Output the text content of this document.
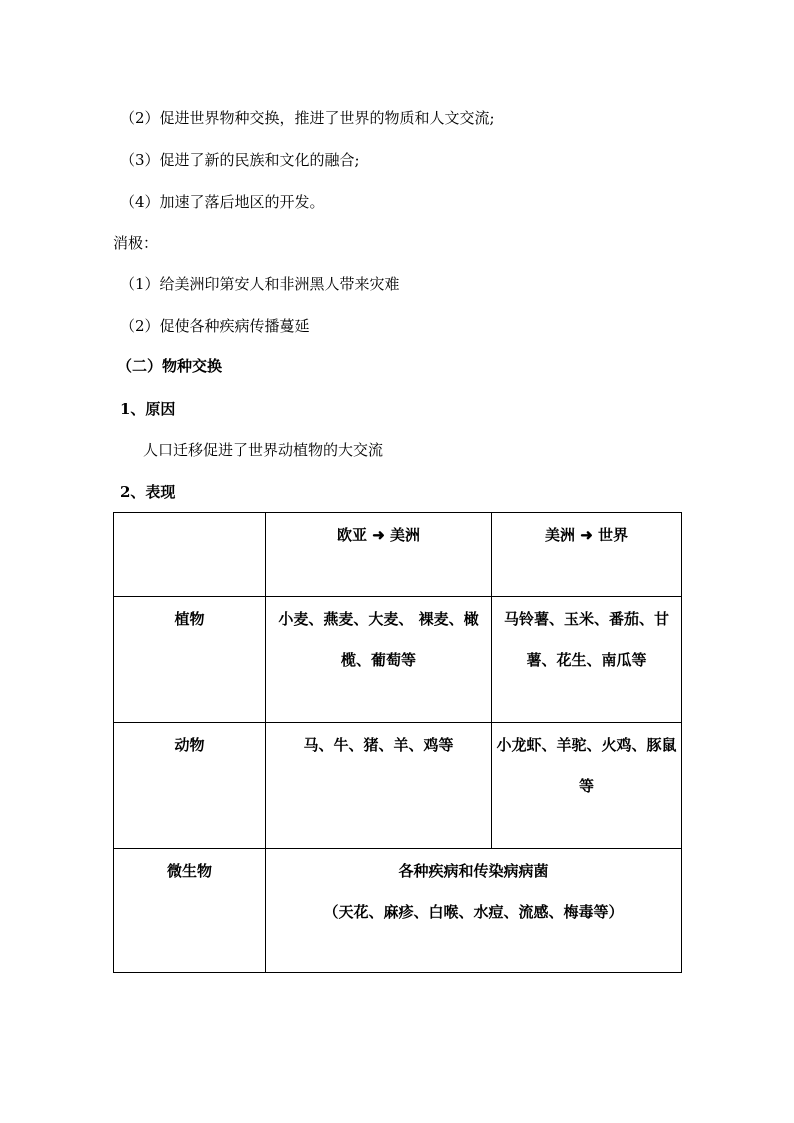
（2）促进世界物种交换，推进了世界的物质和人文交流;
（3）促进了新的民族和文化的融合;
（4）加速了落后地区的开发。
消极：
（1）给美洲印第安人和非洲黑人带来灾难
（2）促使各种疾病传播蔓延
（二）物种交换
1、原因
人口迁移促进了世界动植物的大交流
2、表现

	欧亚 ➜ 美洲	美洲 ➜ 世界

植物	小麦、燕麦、大麦、 裸麦、橄榄、葡萄等	马铃薯、玉米、番茄、甘薯、花生、南瓜等

动物	马、牛、猪、羊、鸡等	小龙虾、羊驼、火鸡、豚鼠等

微生物	各种疾病和传染病病菌
（天花、麻疹、白喉、水痘、流感、梅毒等）	
